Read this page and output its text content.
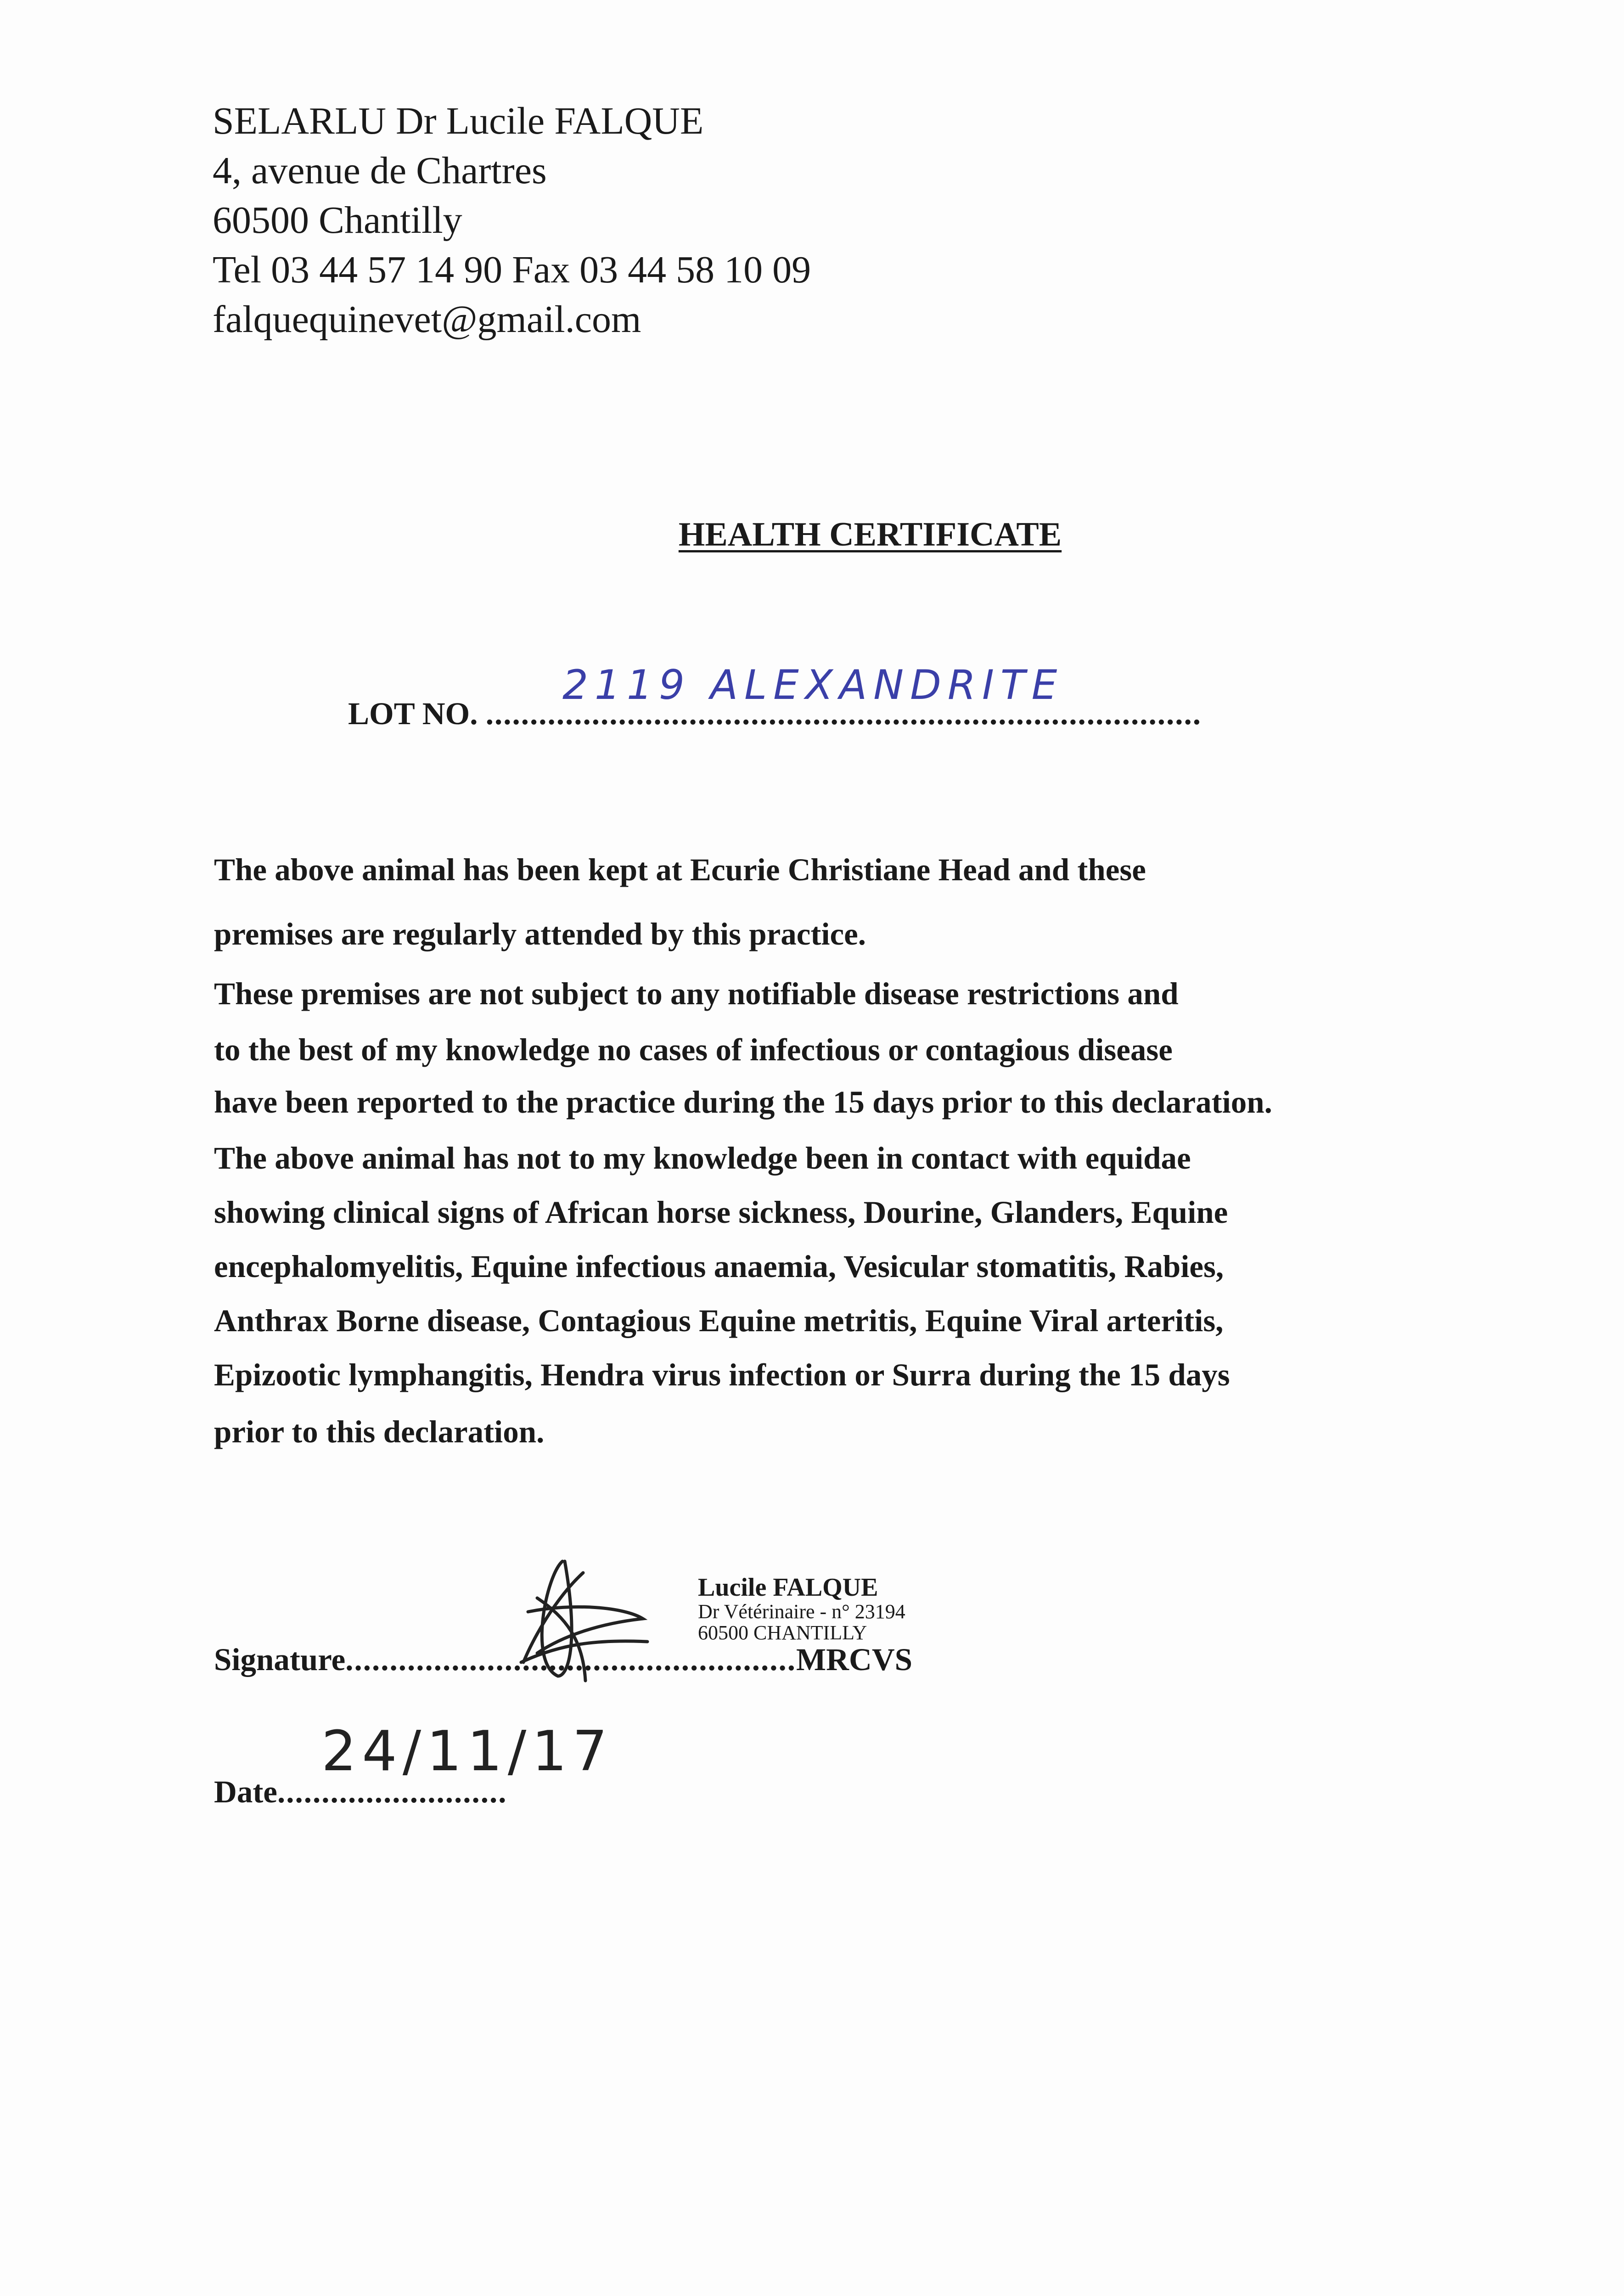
SELARLU Dr Lucile FALQUE
4, avenue de Chartres
60500 Chantilly
Tel 03 44 57 14 90 Fax 03 44 58 10 09
falquequinevet@gmail.com
HEALTH CERTIFICATE
LOT NO. .................................................................................
2119 ALEXANDRITE
The above animal has been kept at Ecurie Christiane Head and these
premises are regularly attended by this practice.
These premises are not subject to any notifiable disease restrictions and
to the best of my knowledge no cases of infectious or contagious disease
have been reported to the practice during the 15 days prior to this declaration.
The above animal has not to my knowledge been in contact with equidae
showing clinical signs of African horse sickness, Dourine, Glanders, Equine
encephalomyelitis, Equine infectious anaemia, Vesicular stomatitis, Rabies,
Anthrax Borne disease, Contagious Equine metritis, Equine Viral arteritis,
Epizootic lymphangitis, Hendra virus infection or Surra during the 15 days
prior to this declaration.
Signature...................................................MRCVS
Lucile FALQUE
Dr Vétérinaire - n° 23194
60500 CHANTILLY
Date..........................
24/11/17
